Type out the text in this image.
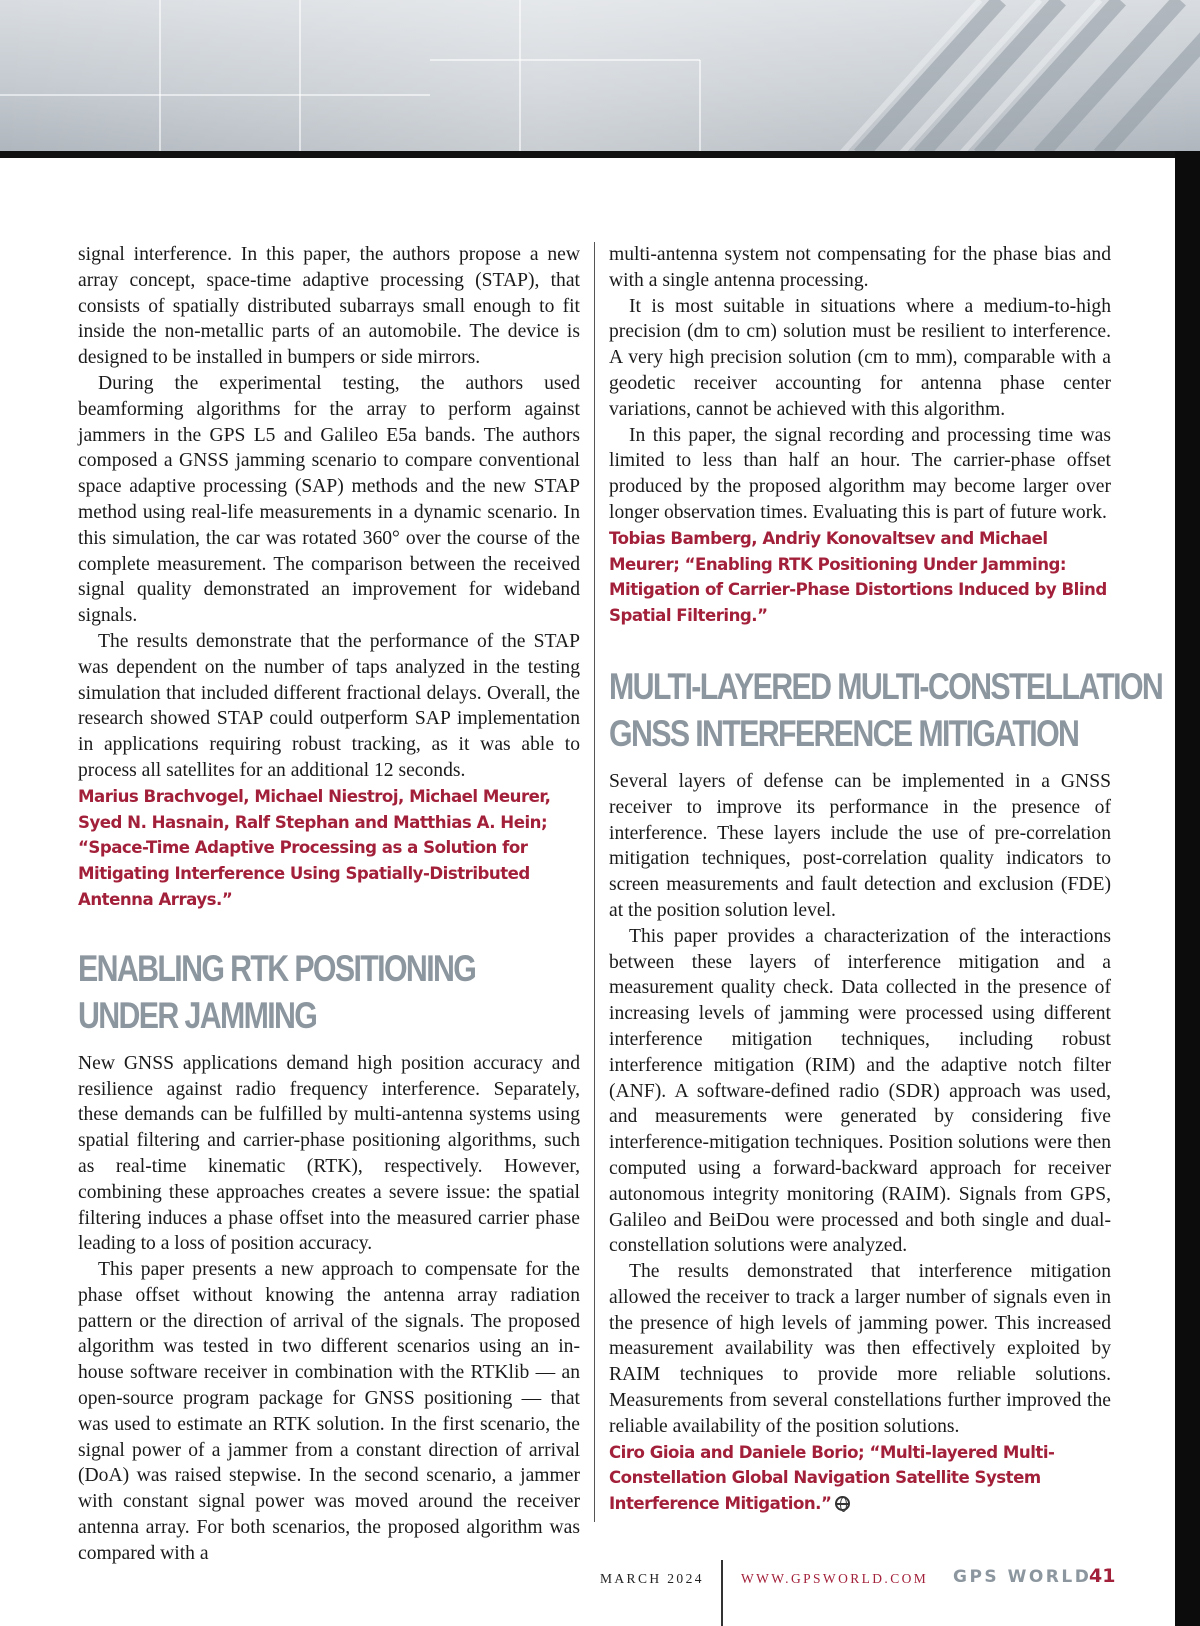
signal interference. In this paper, the authors propose a new array concept, space-time adaptive processing (STAP), that consists of spatially distributed subarrays small enough to fit inside the non-metallic parts of an automobile. The device is designed to be installed in bumpers or side mirrors.

During the experimental testing, the authors used beamforming algorithms for the array to perform against jammers in the GPS L5 and Galileo E5a bands. The authors composed a GNSS jamming scenario to compare conventional space adaptive processing (SAP) methods and the new STAP method using real-life measurements in a dynamic scenario. In this simulation, the car was rotated 360° over the course of the complete measurement. The comparison between the received signal quality demonstrated an improvement for wideband signals.

The results demonstrate that the performance of the STAP was dependent on the number of taps analyzed in the testing simulation that included different fractional delays. Overall, the research showed STAP could outperform SAP implementation in applications requiring robust tracking, as it was able to process all satellites for an additional 12 seconds.

Marius Brachvogel, Michael Niestroj, Michael Meurer, Syed N. Hasnain, Ralf Stephan and Matthias A. Hein; “Space-Time Adaptive Processing as a Solution for Mitigating Interference Using Spatially-Distributed Antenna Arrays.”

ENABLING RTK POSITIONING
UNDER JAMMING

New GNSS applications demand high position accuracy and resilience against radio frequency interference. Separately, these demands can be fulfilled by multi-antenna systems using spatial filtering and carrier-phase positioning algorithms, such as real-time kinematic (RTK), respectively. However, combining these approaches creates a severe issue: the spatial filtering induces a phase offset into the measured carrier phase leading to a loss of position accuracy.

This paper presents a new approach to compensate for the phase offset without knowing the antenna array radiation pattern or the direction of arrival of the signals. The proposed algorithm was tested in two different scenarios using an in-house software receiver in combination with the RTKlib — an open-source program package for GNSS positioning — that was used to estimate an RTK solution. In the first scenario, the signal power of a jammer from a constant direction of arrival (DoA) was raised stepwise. In the second scenario, a jammer with constant signal power was moved around the receiver antenna array. For both scenarios, the proposed algorithm was compared with a

multi-antenna system not compensating for the phase bias and with a single antenna processing.

It is most suitable in situations where a medium-to-high precision (dm to cm) solution must be resilient to interference. A very high precision solution (cm to mm), comparable with a geodetic receiver accounting for antenna phase center variations, cannot be achieved with this algorithm.

In this paper, the signal recording and processing time was limited to less than half an hour. The carrier-phase offset produced by the proposed algorithm may become larger over longer observation times. Evaluating this is part of future work.

Tobias Bamberg, Andriy Konovaltsev and Michael Meurer; “Enabling RTK Positioning Under Jamming: Mitigation of Carrier-Phase Distortions Induced by Blind Spatial Filtering.”

MULTI-LAYERED MULTI-CONSTELLATION
GNSS INTERFERENCE MITIGATION

Several layers of defense can be implemented in a GNSS receiver to improve its performance in the presence of interference. These layers include the use of pre-correlation mitigation techniques, post-correlation quality indicators to screen measurements and fault detection and exclusion (FDE) at the position solution level.

This paper provides a characterization of the interactions between these layers of interference mitigation and a measurement quality check. Data collected in the presence of increasing levels of jamming were processed using different interference mitigation techniques, including robust interference mitigation (RIM) and the adaptive notch filter (ANF). A software-defined radio (SDR) approach was used, and measurements were generated by considering five interference-mitigation techniques. Position solutions were then computed using a forward-backward approach for receiver autonomous integrity monitoring (RAIM). Signals from GPS, Galileo and BeiDou were processed and both single and dual-constellation solutions were analyzed.

The results demonstrated that interference mitigation allowed the receiver to track a larger number of signals even in the presence of high levels of jamming power. This increased measurement availability was then effectively exploited by RAIM techniques to provide more reliable solutions. Measurements from several constellations further improved the reliable availability of the position solutions.

Ciro Gioia and Daniele Borio; “Multi-layered Multi-Constellation Global Navigation Satellite System Interference Mitigation.”

MARCH 2024	WWW.GPSWORLD.COM GPS WORLD
41
